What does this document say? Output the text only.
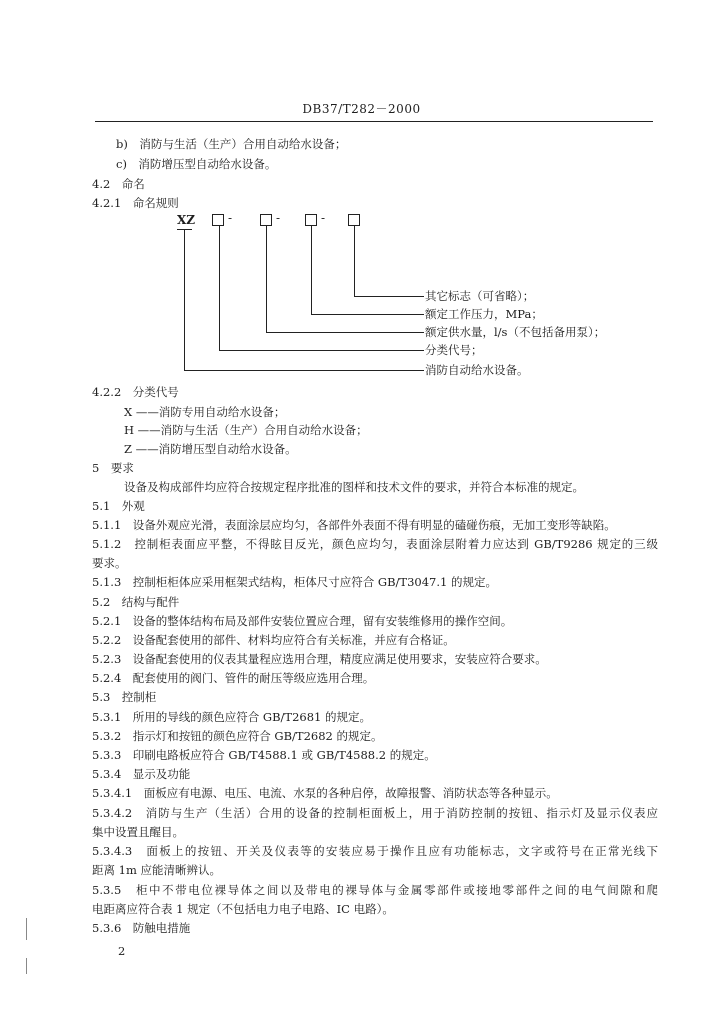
DB37/T282－2000
b)　消防与生活（生产）合用自动给水设备；
c)　消防增压型自动给水设备。
4.2　命名
4.2.1　命名规则
XZ	-	-	-
其它标志（可省略）；
额定工作压力，MPa；
额定供水量，l/s（不包括备用泵）；
分类代号；
消防自动给水设备。
4.2.2　分类代号
X ——消防专用自动给水设备；
H ——消防与生活（生产）合用自动给水设备；
Z ——消防增压型自动给水设备。
5　要求
设备及构成部件均应符合按规定程序批准的图样和技术文件的要求，并符合本标准的规定。
5.1　外观
5.1.1　设备外观应光滑，表面涂层应均匀，各部件外表面不得有明显的磕碰伤痕，无加工变形等缺陷。
5.1.2　控制柜表面应平整，不得眩目反光，颜色应均匀，表面涂层附着力应达到 GB/T9286 规定的三级
要求。
5.1.3　控制柜柜体应采用框架式结构，柜体尺寸应符合 GB/T3047.1 的规定。
5.2　结构与配件
5.2.1　设备的整体结构布局及部件安装位置应合理，留有安装维修用的操作空间。
5.2.2　设备配套使用的部件、材料均应符合有关标准，并应有合格证。
5.2.3　设备配套使用的仪表其量程应选用合理，精度应满足使用要求，安装应符合要求。
5.2.4　配套使用的阀门、管件的耐压等级应选用合理。
5.3　控制柜
5.3.1　所用的导线的颜色应符合 GB/T2681 的规定。
5.3.2　指示灯和按钮的颜色应符合 GB/T2682 的规定。
5.3.3　印刷电路板应符合 GB/T4588.1 或 GB/T4588.2 的规定。
5.3.4　显示及功能
5.3.4.1　面板应有电源、电压、电流、水泵的各种启停，故障报警、消防状态等各种显示。
5.3.4.2　消防与生产（生活）合用的设备的控制柜面板上，用于消防控制的按钮、指示灯及显示仪表应
集中设置且醒目。
5.3.4.3　面板上的按钮、开关及仪表等的安装应易于操作且应有功能标志，文字或符号在正常光线下
距离 1m 应能清晰辨认。
5.3.5　柜中不带电位裸导体之间以及带电的裸导体与金属零部件或接地零部件之间的电气间隙和爬
电距离应符合表 1 规定（不包括电力电子电路、IC 电路）。
5.3.6　防触电措施
2
